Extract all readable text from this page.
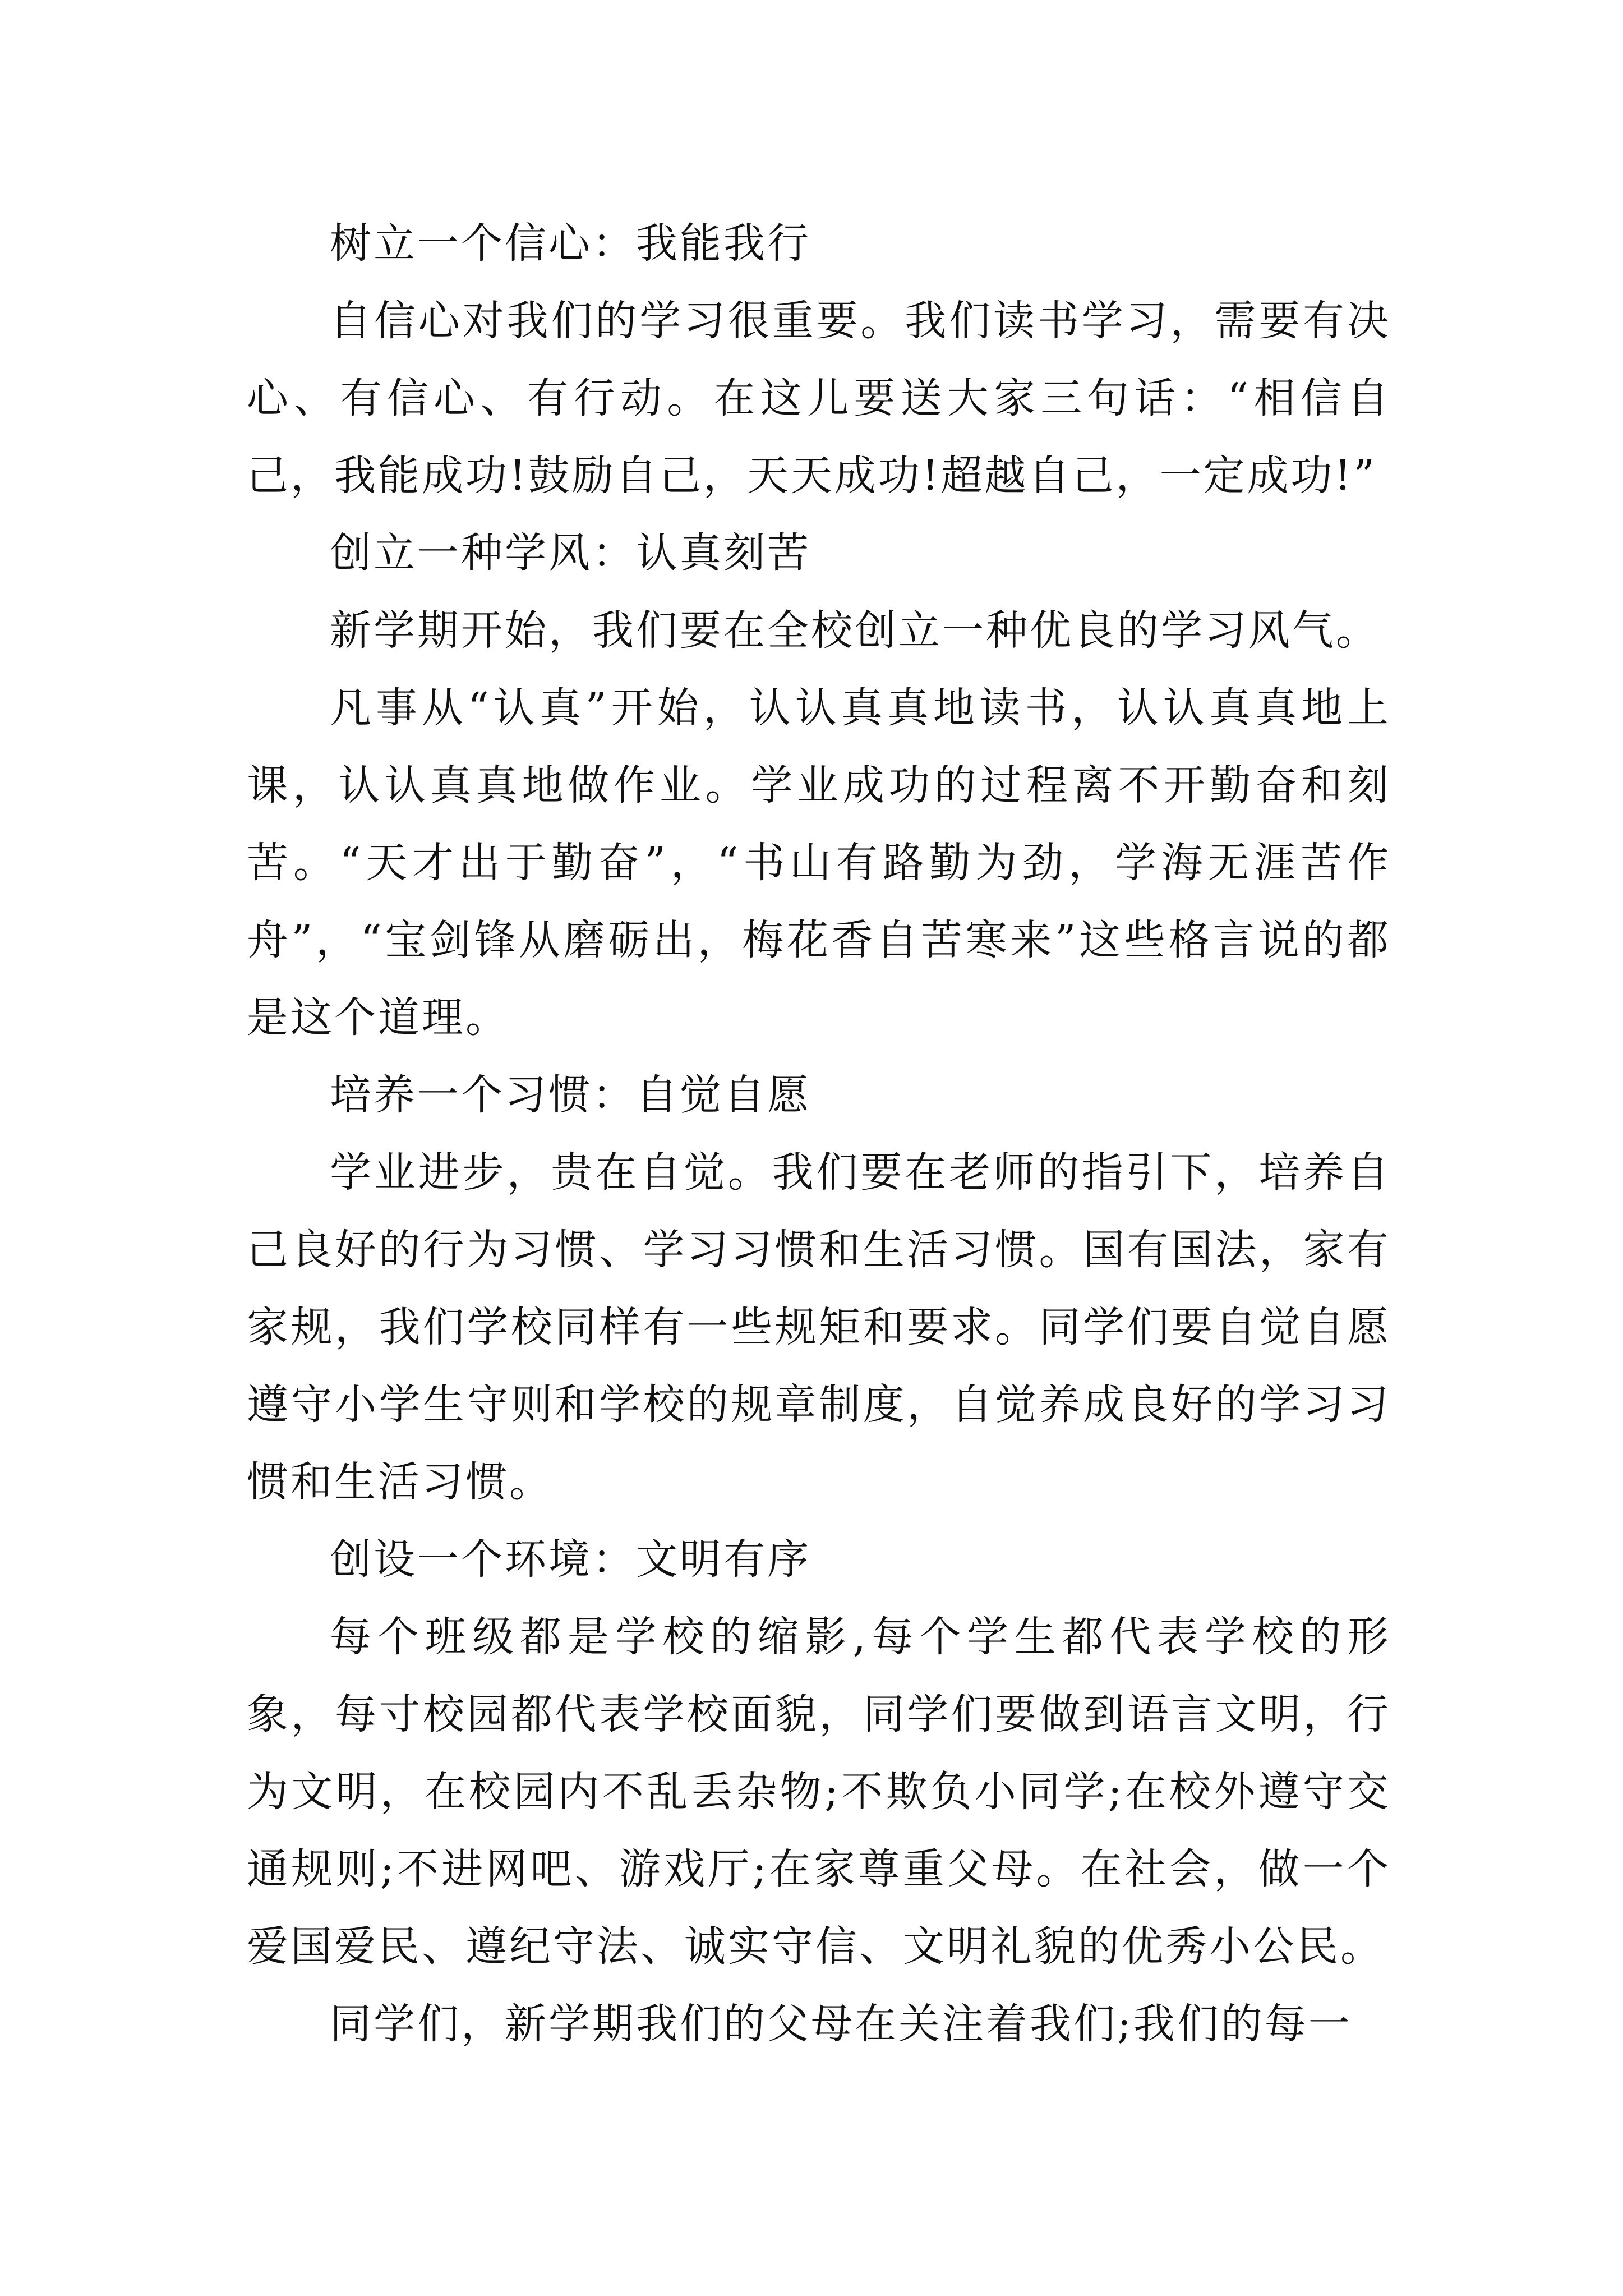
树立一个信心：我能我行

自信心对我们的学习很重要。我们读书学习，需要有决心、有信心、有行动。在这儿要送大家三句话：“相信自己，我能成功!鼓励自己，天天成功!超越自己，一定成功!”

创立一种学风：认真刻苦

新学期开始，我们要在全校创立一种优良的学习风气。

凡事从“认真”开始，认认真真地读书，认认真真地上课，认认真真地做作业。学业成功的过程离不开勤奋和刻苦。“天才出于勤奋”，“书山有路勤为劲，学海无涯苦作舟”，“宝剑锋从磨砺出，梅花香自苦寒来”这些格言说的都是这个道理。

培养一个习惯：自觉自愿

学业进步，贵在自觉。我们要在老师的指引下，培养自己良好的行为习惯、学习习惯和生活习惯。国有国法，家有家规，我们学校同样有一些规矩和要求。同学们要自觉自愿遵守小学生守则和学校的规章制度，自觉养成良好的学习习惯和生活习惯。

创设一个环境：文明有序

每个班级都是学校的缩影,每个学生都代表学校的形象，每寸校园都代表学校面貌，同学们要做到语言文明，行为文明，在校园内不乱丢杂物;不欺负小同学;在校外遵守交通规则;不进网吧、游戏厅;在家尊重父母。在社会，做一个爱国爱民、遵纪守法、诚实守信、文明礼貌的优秀小公民。

同学们，新学期我们的父母在关注着我们;我们的每一
